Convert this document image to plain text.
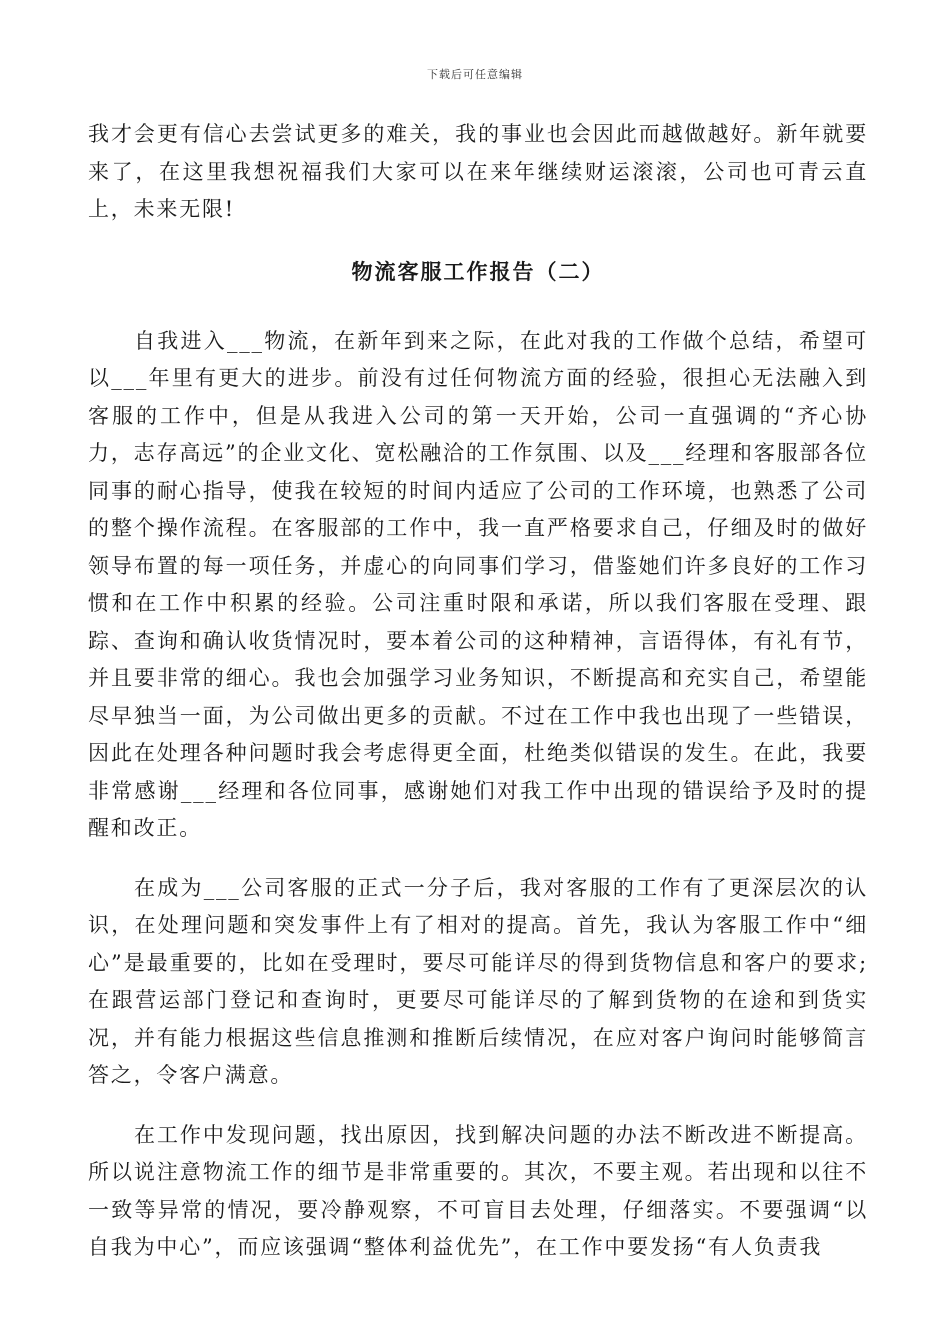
下载后可任意编辑

我才会更有信心去尝试更多的难关，我的事业也会因此而越做越好。新年就要来了，在这里我想祝福我们大家可以在来年继续财运滚滚，公司也可青云直上，未来无限!

物流客服工作报告（二）

自我进入___物流，在新年到来之际，在此对我的工作做个总结，希望可以___年里有更大的进步。前没有过任何物流方面的经验，很担心无法融入到客服的工作中，但是从我进入公司的第一天开始，公司一直强调的“齐心协力，志存高远”的企业文化、宽松融洽的工作氛围、以及___经理和客服部各位同事的耐心指导，使我在较短的时间内适应了公司的工作环境，也熟悉了公司的整个操作流程。在客服部的工作中，我一直严格要求自己，仔细及时的做好领导布置的每一项任务，并虚心的向同事们学习，借鉴她们许多良好的工作习惯和在工作中积累的经验。公司注重时限和承诺，所以我们客服在受理、跟踪、查询和确认收货情况时，要本着公司的这种精神，言语得体，有礼有节，并且要非常的细心。我也会加强学习业务知识，不断提高和充实自己，希望能尽早独当一面，为公司做出更多的贡献。不过在工作中我也出现了一些错误，因此在处理各种问题时我会考虑得更全面，杜绝类似错误的发生。在此，我要非常感谢___经理和各位同事，感谢她们对我工作中出现的错误给予及时的提醒和改正。

在成为___公司客服的正式一分子后，我对客服的工作有了更深层次的认识，在处理问题和突发事件上有了相对的提高。首先，我认为客服工作中“细心”是最重要的，比如在受理时，要尽可能详尽的得到货物信息和客户的要求;在跟营运部门登记和查询时，更要尽可能详尽的了解到货物的在途和到货实况，并有能力根据这些信息推测和推断后续情况，在应对客户询问时能够简言答之，令客户满意。

在工作中发现问题，找出原因，找到解决问题的办法不断改进不断提高。所以说注意物流工作的细节是非常重要的。其次，不要主观。若出现和以往不一致等异常的情况，要冷静观察，不可盲目去处理，仔细落实。不要强调“以自我为中心”，而应该强调“整体利益优先”，在工作中要发扬“有人负责我
